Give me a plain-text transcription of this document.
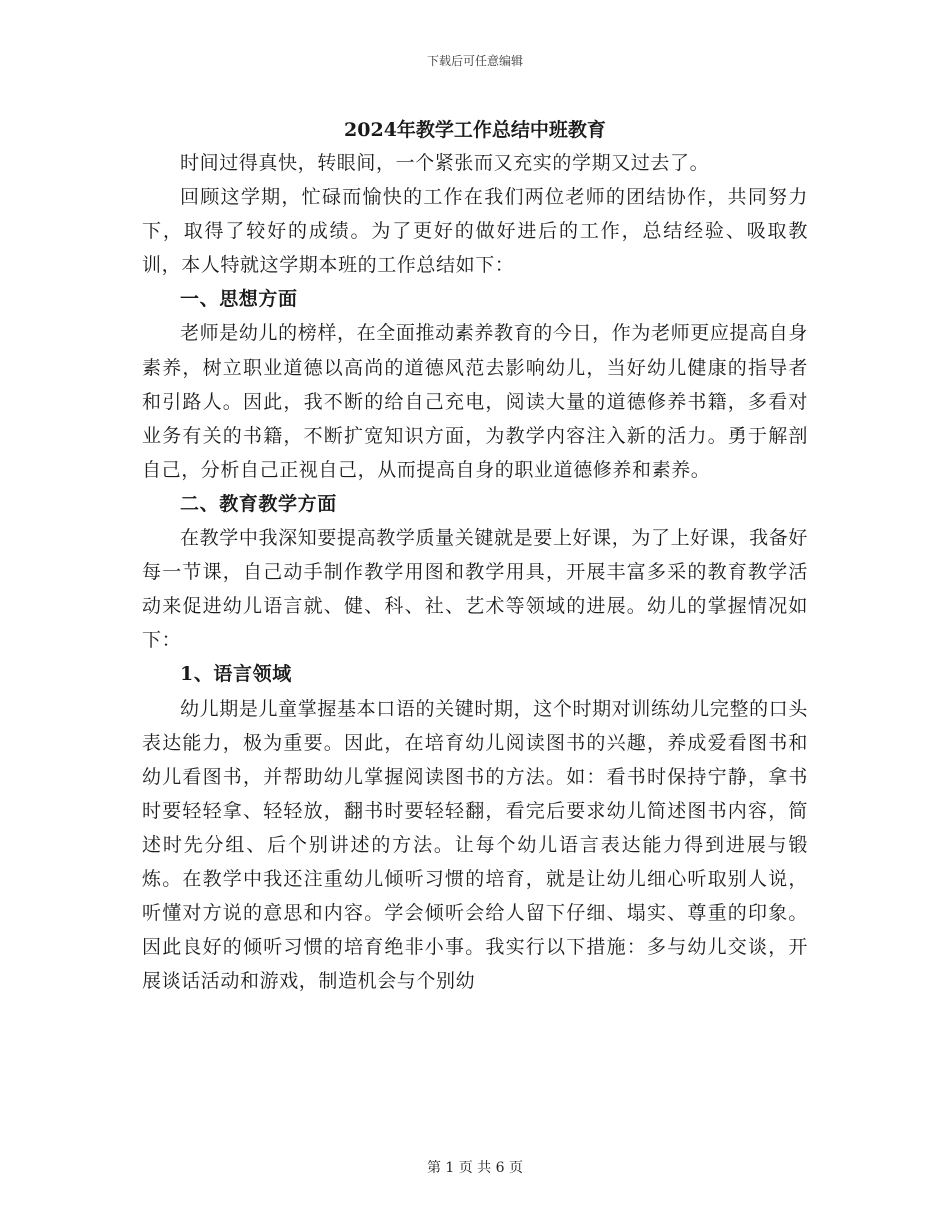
下载后可任意编辑
2024年教学工作总结中班教育

时间过得真快，转眼间，一个紧张而又充实的学期又过去了。

回顾这学期，忙碌而愉快的工作在我们两位老师的团结协作，共同努力下，取得了较好的成绩。为了更好的做好进后的工作，总结经验、吸取教训，本人特就这学期本班的工作总结如下：

一、思想方面

老师是幼儿的榜样，在全面推动素养教育的今日，作为老师更应提高自身素养，树立职业道德以高尚的道德风范去影响幼儿，当好幼儿健康的指导者和引路人。因此，我不断的给自己充电，阅读大量的道德修养书籍，多看对业务有关的书籍，不断扩宽知识方面，为教学内容注入新的活力。勇于解剖自己，分析自己正视自己，从而提高自身的职业道德修养和素养。

二、教育教学方面

在教学中我深知要提高教学质量关键就是要上好课，为了上好课，我备好每一节课，自己动手制作教学用图和教学用具，开展丰富多采的教育教学活动来促进幼儿语言就、健、科、社、艺术等领域的进展。幼儿的掌握情况如下：

1、语言领域

幼儿期是儿童掌握基本口语的关键时期，这个时期对训练幼儿完整的口头表达能力，极为重要。因此，在培育幼儿阅读图书的兴趣，养成爱看图书和幼儿看图书，并帮助幼儿掌握阅读图书的方法。如：看书时保持宁静，拿书时要轻轻拿、轻轻放，翻书时要轻轻翻，看完后要求幼儿简述图书内容，简述时先分组、后个别讲述的方法。让每个幼儿语言表达能力得到进展与锻炼。在教学中我还注重幼儿倾听习惯的培育，就是让幼儿细心听取别人说，听懂对方说的意思和内容。学会倾听会给人留下仔细、塌实、尊重的印象。因此良好的倾听习惯的培育绝非小事。我实行以下措施：多与幼儿交谈，开展谈话活动和游戏，制造机会与个别幼

第 1 页 共 6 页
